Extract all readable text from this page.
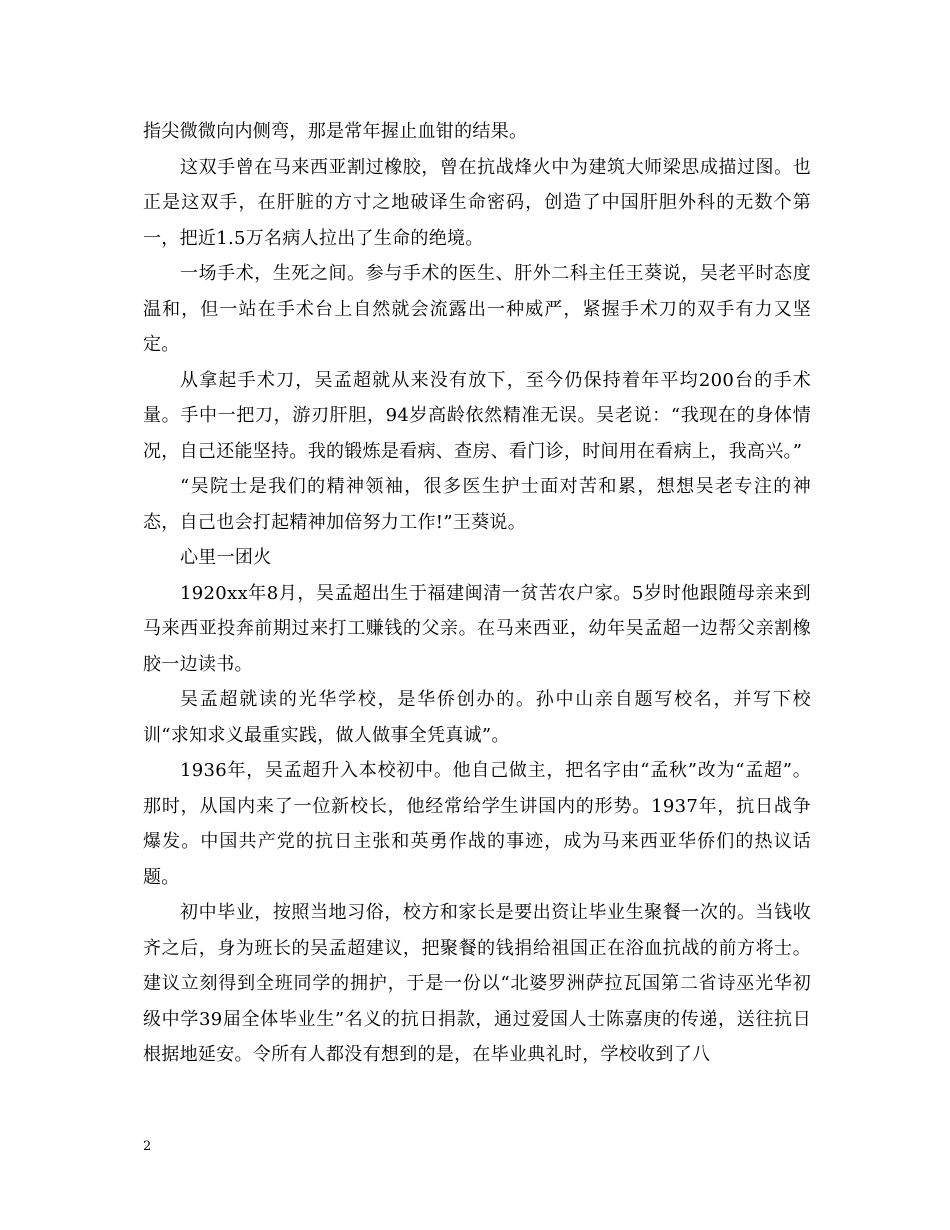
指尖微微向内侧弯，那是常年握止血钳的结果。

这双手曾在马来西亚割过橡胶，曾在抗战烽火中为建筑大师梁思成描过图。也正是这双手，在肝脏的方寸之地破译生命密码，创造了中国肝胆外科的无数个第一，把近1.5万名病人拉出了生命的绝境。

一场手术，生死之间。参与手术的医生、肝外二科主任王葵说，吴老平时态度温和，但一站在手术台上自然就会流露出一种威严，紧握手术刀的双手有力又坚定。

从拿起手术刀，吴孟超就从来没有放下，至今仍保持着年平均200台的手术量。手中一把刀，游刃肝胆，94岁高龄依然精准无误。吴老说：“我现在的身体情况，自己还能坚持。我的锻炼是看病、查房、看门诊，时间用在看病上，我高兴。”

“吴院士是我们的精神领袖，很多医生护士面对苦和累，想想吴老专注的神态，自己也会打起精神加倍努力工作!”王葵说。

心里一团火

1920xx年8月，吴孟超出生于福建闽清一贫苦农户家。5岁时他跟随母亲来到马来西亚投奔前期过来打工赚钱的父亲。在马来西亚，幼年吴孟超一边帮父亲割橡胶一边读书。

吴孟超就读的光华学校，是华侨创办的。孙中山亲自题写校名，并写下校训“求知求义最重实践，做人做事全凭真诚”。

1936年，吴孟超升入本校初中。他自己做主，把名字由“孟秋”改为“孟超”。那时，从国内来了一位新校长，他经常给学生讲国内的形势。1937年，抗日战争爆发。中国共产党的抗日主张和英勇作战的事迹，成为马来西亚华侨们的热议话题。

初中毕业，按照当地习俗，校方和家长是要出资让毕业生聚餐一次的。当钱收齐之后，身为班长的吴孟超建议，把聚餐的钱捐给祖国正在浴血抗战的前方将士。建议立刻得到全班同学的拥护，于是一份以“北婆罗洲萨拉瓦国第二省诗巫光华初级中学39届全体毕业生”名义的抗日捐款，通过爱国人士陈嘉庚的传递，送往抗日根据地延安。令所有人都没有想到的是，在毕业典礼时，学校收到了八

2
